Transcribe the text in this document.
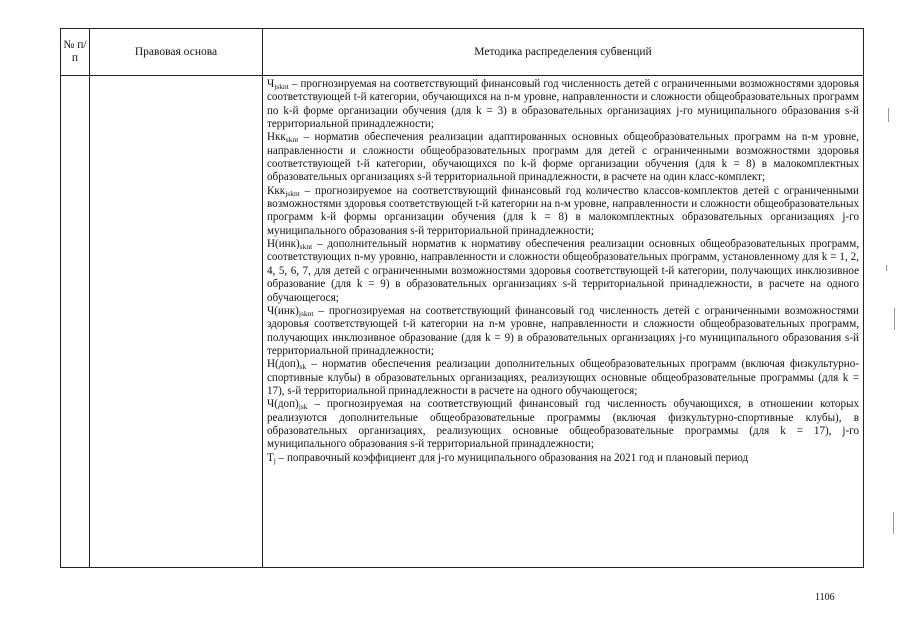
№ п/п
Правовая основа	Методика распределения субвенций

$Ч_{jsknt}$ – прогнозируемая на соответствующий финансовый год численность детей с ограниченными возможностями здоровья соответствующей t-й категории, обучающихся на n-м уровне, направленности и сложности общеобразовательных программ по k-й форме организации обучения (для k = 3) в образовательных организациях j-го муниципального образования s-й территориальной принадлежности;

Нкк$_{sknt}$ – норматив обеспечения реализации адаптированных основных общеобразовательных программ на n-м уровне, направленности и сложности общеобразовательных программ для детей с ограниченными возможностями здоровья соответствующей t-й категории, обучающихся по k-й форме организации обучения (для k = 8) в малокомплектных образовательных организациях s-й территориальной принадлежности, в расчете на один класс-комплект;

Ккк$_{jsknt}$ – прогнозируемое на соответствующий финансовый год количество классов-комплектов детей с ограниченными возможностями здоровья соответствующей t-й категории на n-м уровне, направленности и сложности общеобразовательных программ k-й формы организации обучения (для k = 8) в малокомплектных образовательных организациях j-го муниципального образования s-й территориальной принадлежности;

$Н(инк)_{sknt}$ – дополнительный норматив к нормативу обеспечения реализации основных общеобразовательных программ, соответствующих n-му уровню, направленности и сложности общеобразовательных программ, установленному для k = 1, 2, 4, 5, 6, 7, для детей с ограниченными возможностями здоровья соответствующей t-й категории, получающих инклюзивное образование (для k = 9) в образовательных организациях s-й территориальной принадлежности, в расчете на одного обучающегося;

$Ч(инк)_{jsknt}$ – прогнозируемая на соответствующий финансовый год численность детей с ограниченными возможностями здоровья соответствующей t-й категории на n-м уровне, направленности и сложности общеобразовательных программ, получающих инклюзивное образование (для k = 9) в образовательных организациях j-го муниципального образования s-й территориальной принадлежности;

$Н(доп)_{sk}$ – норматив обеспечения реализации дополнительных общеобразовательных программ (включая физкультурно-спортивные клубы) в образовательных организациях, реализующих основные общеобразовательные программы (для k = 17), s-й территориальной принадлежности в расчете на одного обучающегося;

$Ч(доп)_{jsk}$ – прогнозируемая на соответствующий финансовый год численность обучающихся, в отношении которых реализуются дополнительные общеобразовательные программы (включая физкультурно-спортивные клубы), в образовательных организациях, реализующих основные общеобразовательные программы (для k = 17), j-го муниципального образования s-й территориальной принадлежности;

$T_j$ – поправочный коэффициент для j-го муниципального образования на 2021 год и плановый период

1106
